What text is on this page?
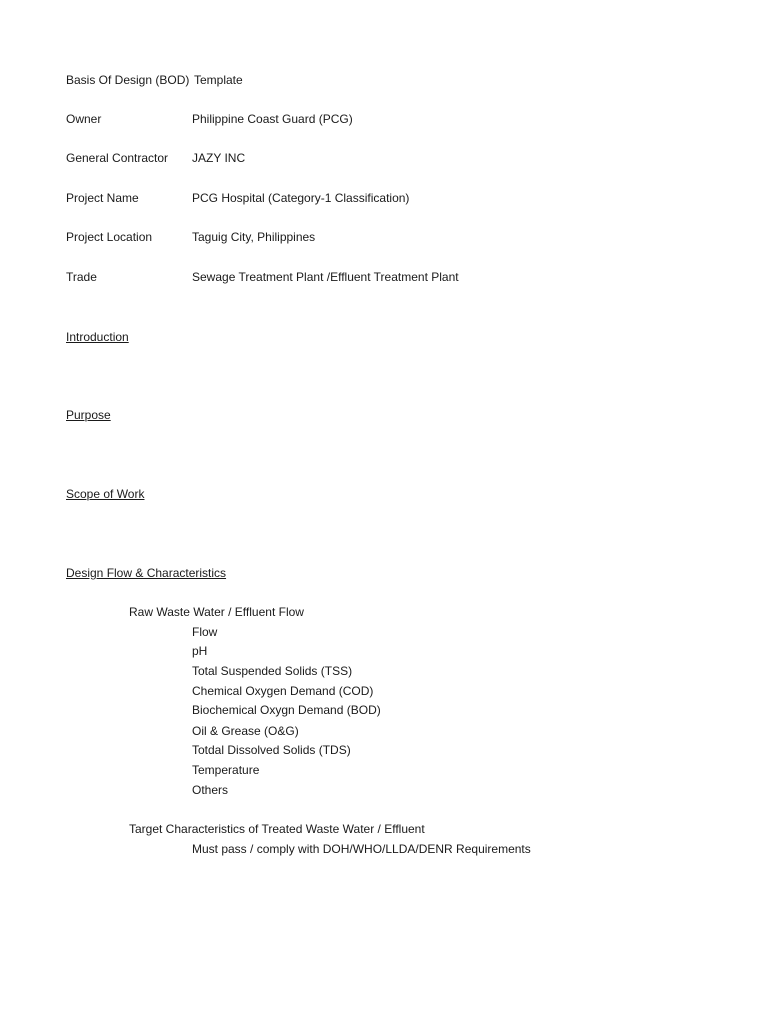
Basis Of Design (BOD) Template
Owner	Philippine Coast Guard (PCG)
General Contractor JAZY INC
Project Name	PCG Hospital (Category-1 Classification)
Project Location	Taguig City, Philippines
Trade	Sewage Treatment Plant /Effluent Treatment Plant
Introduction
Purpose
Scope of Work
Design Flow & Characteristics
Raw Waste Water / Effluent Flow
Flow
pH
Total Suspended Solids (TSS)
Chemical Oxygen Demand (COD)
Biochemical Oxygn Demand (BOD)
Oil & Grease (O&G)
Totdal Dissolved Solids (TDS)
Temperature
Others
Target Characteristics of Treated Waste Water / Effluent
Must pass / comply with DOH/WHO/LLDA/DENR Requirements
